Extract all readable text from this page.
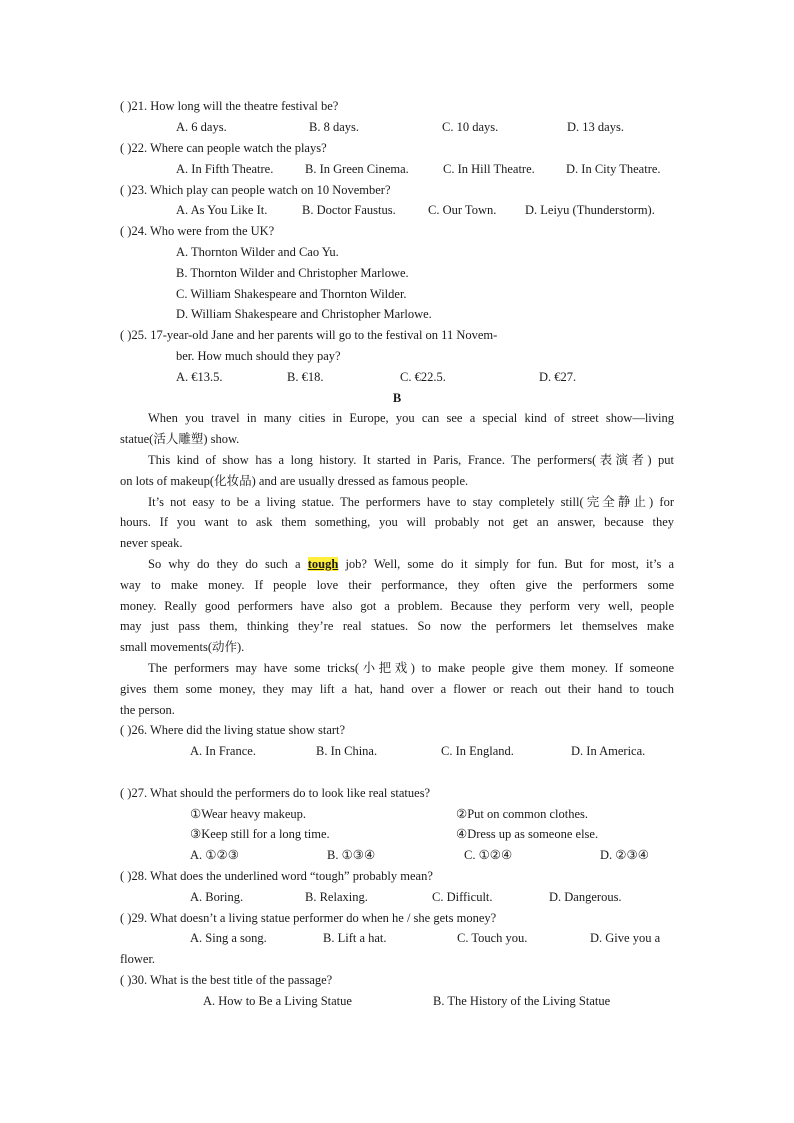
( )21. How long will the theatre festival be?
A. 6 days.	B. 8 days.	C. 10 days.	D. 13 days.
( )22. Where can people watch the plays?
A. In Fifth Theatre.	B. In Green Cinema.	C. In Hill Theatre. D. In City Theatre.
( )23. Which play can people watch on 10 November?
A. As You Like It.	B. Doctor Faustus.	C. Our Town. D. Leiyu (Thunderstorm).
( )24. Who were from the UK?
A. Thornton Wilder and Cao Yu.
B. Thornton Wilder and Christopher Marlowe.
C. William Shakespeare and Thornton Wilder.
D. William Shakespeare and Christopher Marlowe.
( )25. 17-year-old Jane and her parents will go to the festival on 11 Novem-
ber. How much should they pay?
A. €13.5.	B. €18.	C. €22.5.	D. €27.
B
When you travel in many cities in Europe, you can see a special kind of street show—living
statue(活人雕塑) show.
This kind of show has a long history. It started in Paris, France. The performers(表演者) put
on lots of makeup(化妆品) and are usually dressed as famous people.
It’s not easy to be a living statue. The performers have to stay completely still(完全静止) for
hours. If you want to ask them something, you will probably not get an answer, because they
never speak.
So why do they do such a tough job? Well, some do it simply for fun. But for most, it’s a
way to make money. If people love their performance, they often give the performers some
money. Really good performers have also got a problem. Because they perform very well, people
may just pass them, thinking they’re real statues. So now the performers let themselves make
small movements(动作).
The performers may have some tricks(小把戏) to make people give them money. If someone
gives them some money, they may lift a hat, hand over a flower or reach out their hand to touch
the person.
( )26. Where did the living statue show start?
A. In France.	B. In China.	C. In England.	D. In America.
( )27. What should the performers do to look like real statues?
①Wear heavy makeup.	②Put on common clothes.
③Keep still for a long time.	④Dress up as someone else.
A. ①②③	B. ①③④	C. ①②④	D. ②③④
( )28. What does the underlined word “tough” probably mean?
A. Boring.	B. Relaxing.	C. Difficult.	D. Dangerous.
( )29. What doesn’t a living statue performer do when he / she gets money?
A. Sing a song.	B. Lift a hat.	C. Touch you.	D. Give you a
flower.
( )30. What is the best title of the passage?
A. How to Be a Living Statue	B. The History of the Living Statue
